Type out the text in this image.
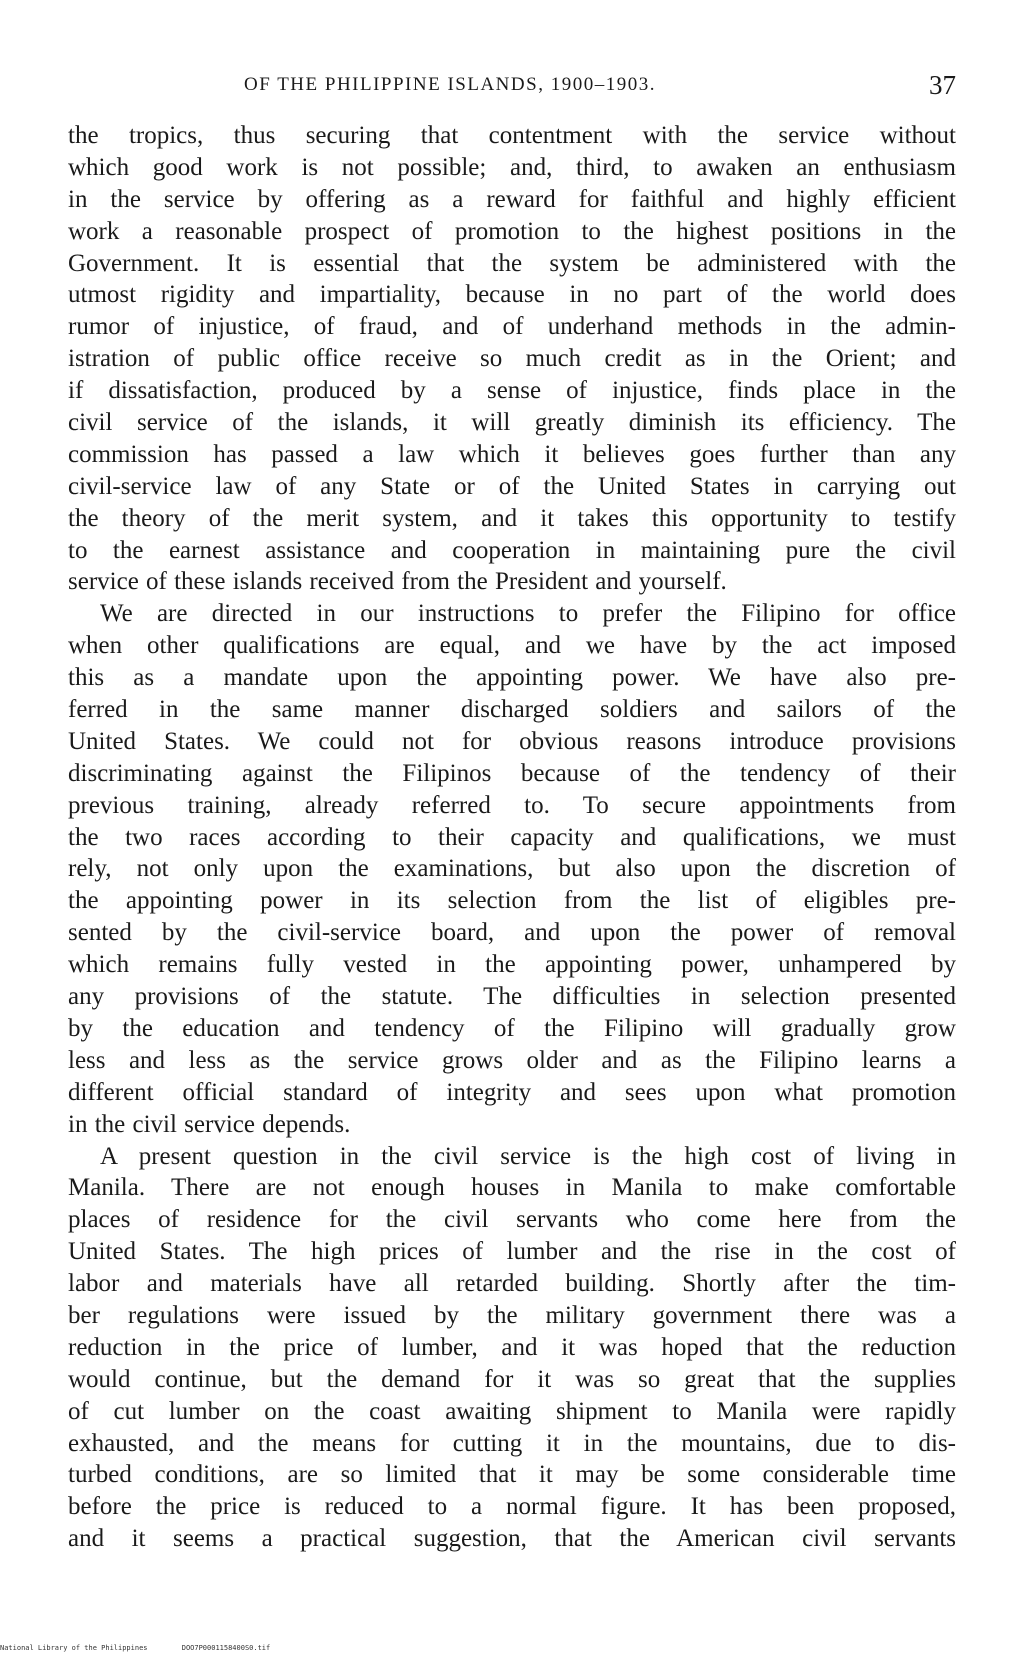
OF THE PHILIPPINE ISLANDS, 1900–1903.	37
the tropics, thus securing that contentment with the service without
which good work is not possible; and, third, to awaken an enthusiasm
in the service by offering as a reward for faithful and highly efficient
work a reasonable prospect of promotion to the highest positions in the
Government. It is essential that the system be administered with the
utmost rigidity and impartiality, because in no part of the world does
rumor of injustice, of fraud, and of underhand methods in the admin-
istration of public office receive so much credit as in the Orient; and
if dissatisfaction, produced by a sense of injustice, finds place in the
civil service of the islands, it will greatly diminish its efficiency. The
commission has passed a law which it believes goes further than any
civil-service law of any State or of the United States in carrying out
the theory of the merit system, and it takes this opportunity to testify
to the earnest assistance and cooperation in maintaining pure the civil
service of these islands received from the President and yourself.
We are directed in our instructions to prefer the Filipino for office
when other qualifications are equal, and we have by the act imposed
this as a mandate upon the appointing power. We have also pre-
ferred in the same manner discharged soldiers and sailors of the
United States. We could not for obvious reasons introduce provisions
discriminating against the Filipinos because of the tendency of their
previous training, already referred to. To secure appointments from
the two races according to their capacity and qualifications, we must
rely, not only upon the examinations, but also upon the discretion of
the appointing power in its selection from the list of eligibles pre-
sented by the civil-service board, and upon the power of removal
which remains fully vested in the appointing power, unhampered by
any provisions of the statute. The difficulties in selection presented
by the education and tendency of the Filipino will gradually grow
less and less as the service grows older and as the Filipino learns a
different official standard of integrity and sees upon what promotion
in the civil service depends.
A present question in the civil service is the high cost of living in
Manila. There are not enough houses in Manila to make comfortable
places of residence for the civil servants who come here from the
United States. The high prices of lumber and the rise in the cost of
labor and materials have all retarded building. Shortly after the tim-
ber regulations were issued by the military government there was a
reduction in the price of lumber, and it was hoped that the reduction
would continue, but the demand for it was so great that the supplies
of cut lumber on the coast awaiting shipment to Manila were rapidly
exhausted, and the means for cutting it in the mountains, due to dis-
turbed conditions, are so limited that it may be some considerable time
before the price is reduced to a normal figure. It has been proposed,
and it seems a practical suggestion, that the American civil servants
National Library of the Philippines	DOO7P0001158400S0.tif
